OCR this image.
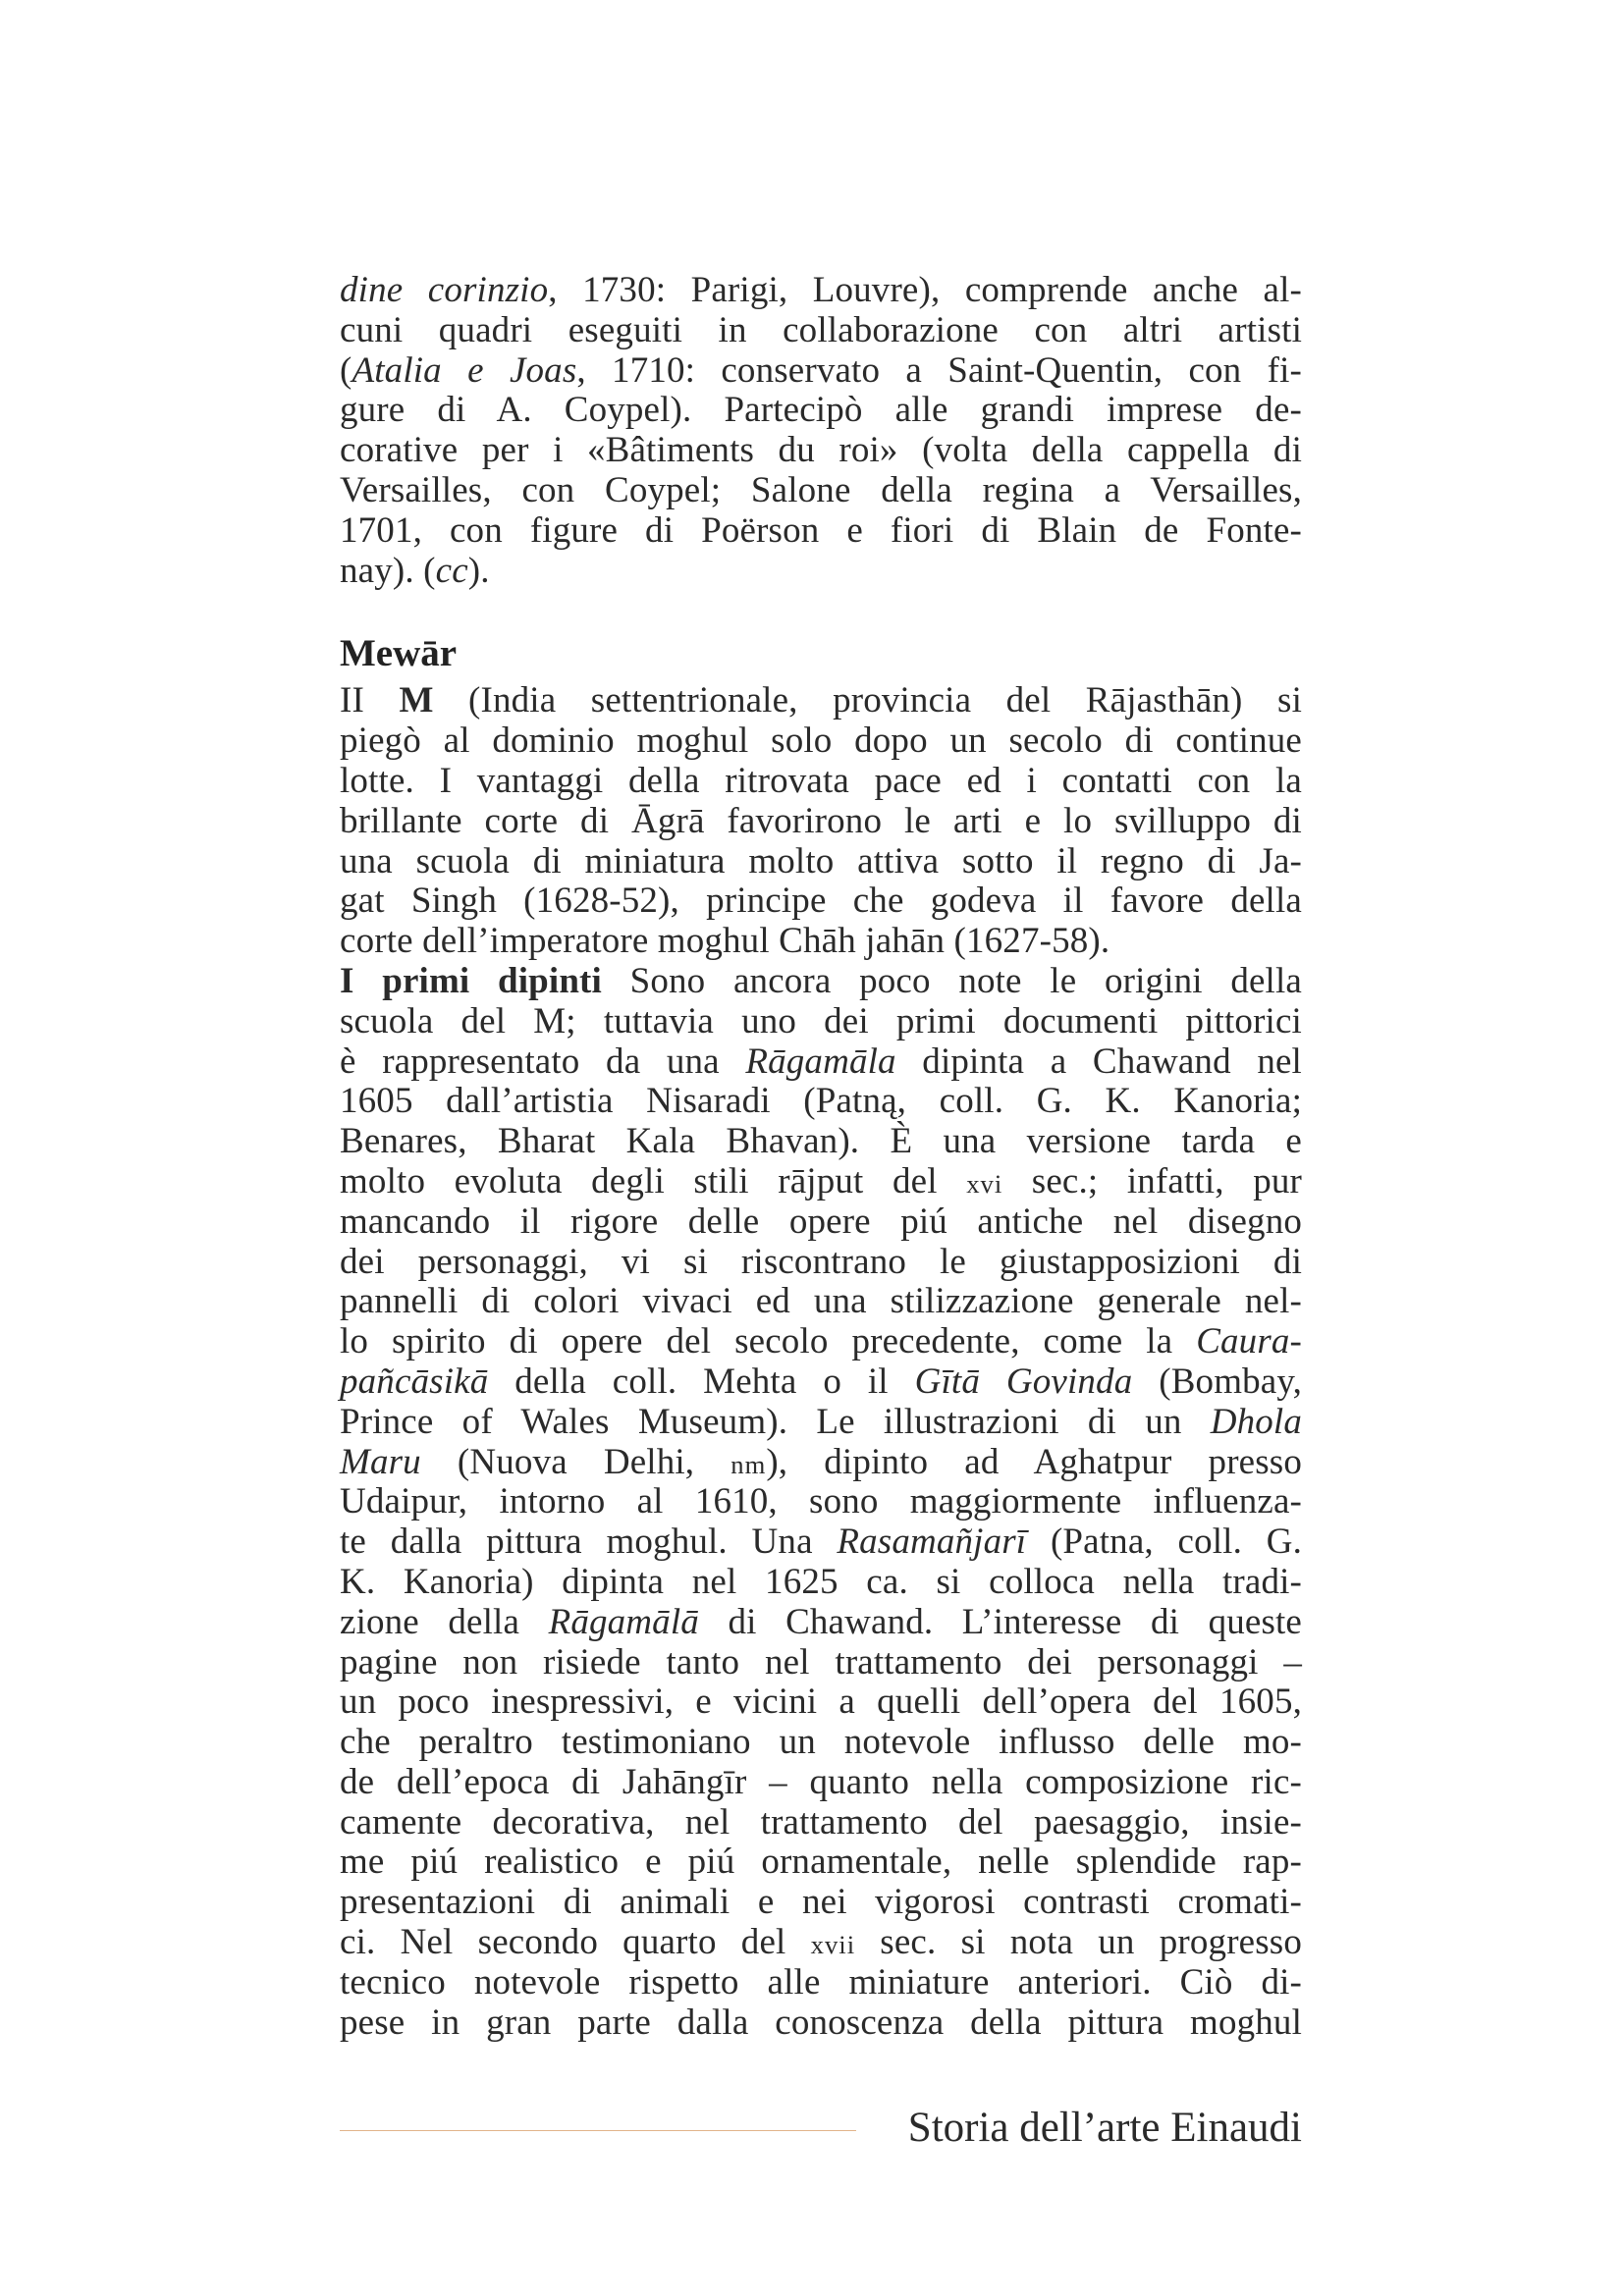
dine corinzio, 1730: Parigi, Louvre), comprende anche al-
cuni quadri eseguiti in collaborazione con altri artisti
(Atalia e Joas, 1710: conservato a Saint-Quentin, con fi-
gure di A. Coypel). Partecipò alle grandi imprese de-
corative per i «Bâtiments du roi» (volta della cappella di
Versailles, con Coypel; Salone della regina a Versailles,
1701, con figure di Poërson e fiori di Blain de Fonte-
nay). (cc).
Mewār
II M (India settentrionale, provincia del Rājasthān) si
piegò al dominio moghul solo dopo un secolo di continue
lotte. I vantaggi della ritrovata pace ed i contatti con la
brillante corte di Āgrā favorirono le arti e lo svilluppo di
una scuola di miniatura molto attiva sotto il regno di Ja-
gat Singh (1628-52), principe che godeva il favore della
corte dell’imperatore moghul Chāh jahān (1627-58).
I primi dipinti Sono ancora poco note le origini della
scuola del M; tuttavia uno dei primi documenti pittorici
è rappresentato da una Rāgamāla dipinta a Chawand nel
1605 dall’artistia Nisaradi (Patną, coll. G. K. Kanoria;
Benares, Bharat Kala Bhavan). È una versione tarda e
molto evoluta degli stili rājput del xvi sec.; infatti, pur
mancando il rigore delle opere piú antiche nel disegno
dei personaggi, vi si riscontrano le giustapposizioni di
pannelli di colori vivaci ed una stilizzazione generale nel-
lo spirito di opere del secolo precedente, come la Caura-
pañcāsikā della coll. Mehta o il Gītā Govinda (Bombay,
Prince of Wales Museum). Le illustrazioni di un Dhola
Maru (Nuova Delhi, nm), dipinto ad Aghatpur presso
Udaipur, intorno al 1610, sono maggiormente influenza-
te dalla pittura moghul. Una Rasamañjarī (Patna, coll. G.
K. Kanoria) dipinta nel 1625 ca. si colloca nella tradi-
zione della Rāgamālā di Chawand. L’interesse di queste
pagine non risiede tanto nel trattamento dei personaggi –
un poco inespressivi, e vicini a quelli dell’opera del 1605,
che peraltro testimoniano un notevole influsso delle mo-
de dell’epoca di Jahāngīr – quanto nella composizione ric-
camente decorativa, nel trattamento del paesaggio, insie-
me piú realistico e piú ornamentale, nelle splendide rap-
presentazioni di animali e nei vigorosi contrasti cromati-
ci. Nel secondo quarto del xvii sec. si nota un progresso
tecnico notevole rispetto alle miniature anteriori. Ciò di-
pese in gran parte dalla conoscenza della pittura moghul
Storia dell’arte Einaudi
